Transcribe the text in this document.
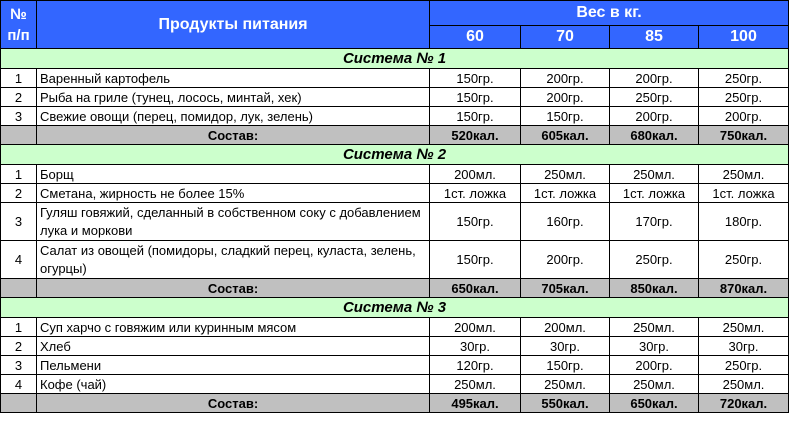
№ п/п	Продукты питания	Вес в кг.			
		60	70	85	100
Система № 1					
1	Варенный картофель	150гр.	200гр.	200гр.	250гр.
2	Рыба на гриле (тунец, лосось, минтай, хек)	150гр.	200гр.	250гр.	250гр.
3	Свежие овощи (перец, помидор, лук, зелень)	150гр.	150гр.	200гр.	200гр.
	Состав:	520кал.	605кал.	680кал.	750кал.
Система № 2					
1	Борщ	200мл.	250мл.	250мл.	250мл.
2	Сметана, жирность не более 15%	1ст. ложка	1ст. ложка	1ст. ложка	1ст. ложка
3	Гуляш говяжий, сделанный в собственном соку с добавлением лука и моркови	150гр.	160гр.	170гр.	180гр.
4	Салат из овощей (помидоры, сладкий перец, кулаcта, зелень, огурцы)	150гр.	200гр.	250гр.	250гр.
	Состав:	650кал.	705кал.	850кал.	870кал.
Система № 3					
1	Суп харчо с говяжим или куринным мясом	200мл.	200мл.	250мл.	250мл.
2	Хлеб	30гр.	30гр.	30гр.	30гр.
3	Пельмени	120гр.	150гр.	200гр.	250гр.
4	Кофе (чай)	250мл.	250мл.	250мл.	250мл.
	Состав:	495кал.	550кал.	650кал.	720кал.
